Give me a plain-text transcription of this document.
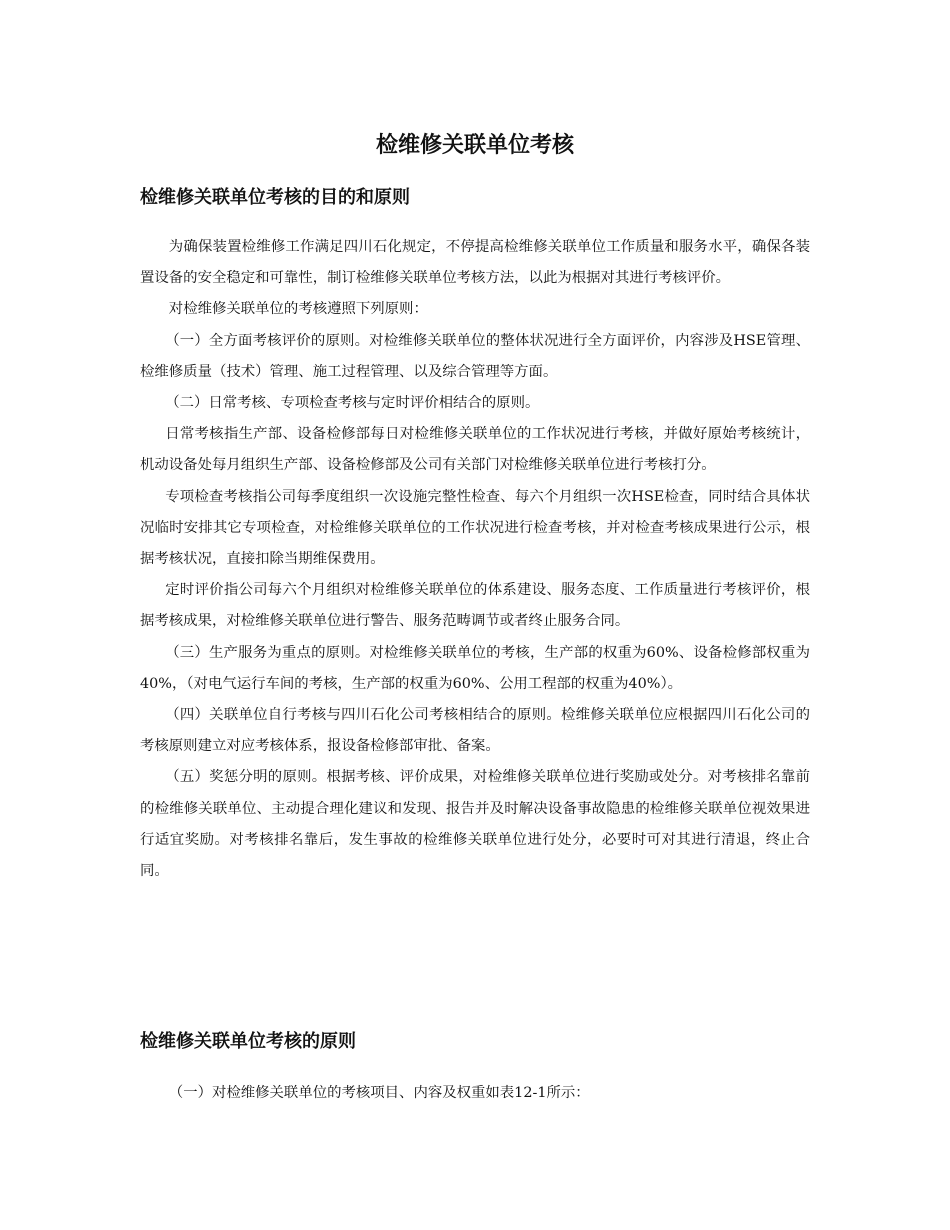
检维修关联单位考核
检维修关联单位考核的目的和原则

为确保装置检维修工作满足四川石化规定，不停提高检维修关联单位工作质量和服务水平，确保各装置设备的安全稳定和可靠性，制订检维修关联单位考核方法，以此为根据对其进行考核评价。

对检维修关联单位的考核遵照下列原则：

（一）全方面考核评价的原则。对检维修关联单位的整体状况进行全方面评价，内容涉及HSE管理、检维修质量（技术）管理、施工过程管理、以及综合管理等方面。

（二）日常考核、专项检查考核与定时评价相结合的原则。

日常考核指生产部、设备检修部每日对检维修关联单位的工作状况进行考核，并做好原始考核统计，机动设备处每月组织生产部、设备检修部及公司有关部门对检维修关联单位进行考核打分。

专项检查考核指公司每季度组织一次设施完整性检查、每六个月组织一次HSE检查，同时结合具体状况临时安排其它专项检查，对检维修关联单位的工作状况进行检查考核，并对检查考核成果进行公示，根据考核状况，直接扣除当期维保费用。

定时评价指公司每六个月组织对检维修关联单位的体系建设、服务态度、工作质量进行考核评价，根据考核成果，对检维修关联单位进行警告、服务范畴调节或者终止服务合同。

（三）生产服务为重点的原则。对检维修关联单位的考核，生产部的权重为60%、设备检修部权重为40%，（对电气运行车间的考核，生产部的权重为60%、公用工程部的权重为40%）。

（四）关联单位自行考核与四川石化公司考核相结合的原则。检维修关联单位应根据四川石化公司的考核原则建立对应考核体系，报设备检修部审批、备案。

（五）奖惩分明的原则。根据考核、评价成果，对检维修关联单位进行奖励或处分。对考核排名靠前的检维修关联单位、主动提合理化建议和发现、报告并及时解决设备事故隐患的检维修关联单位视效果进行适宜奖励。对考核排名靠后，发生事故的检维修关联单位进行处分，必要时可对其进行清退，终止合同。

检维修关联单位考核的原则

（一）对检维修关联单位的考核项目、内容及权重如表12-1所示：
